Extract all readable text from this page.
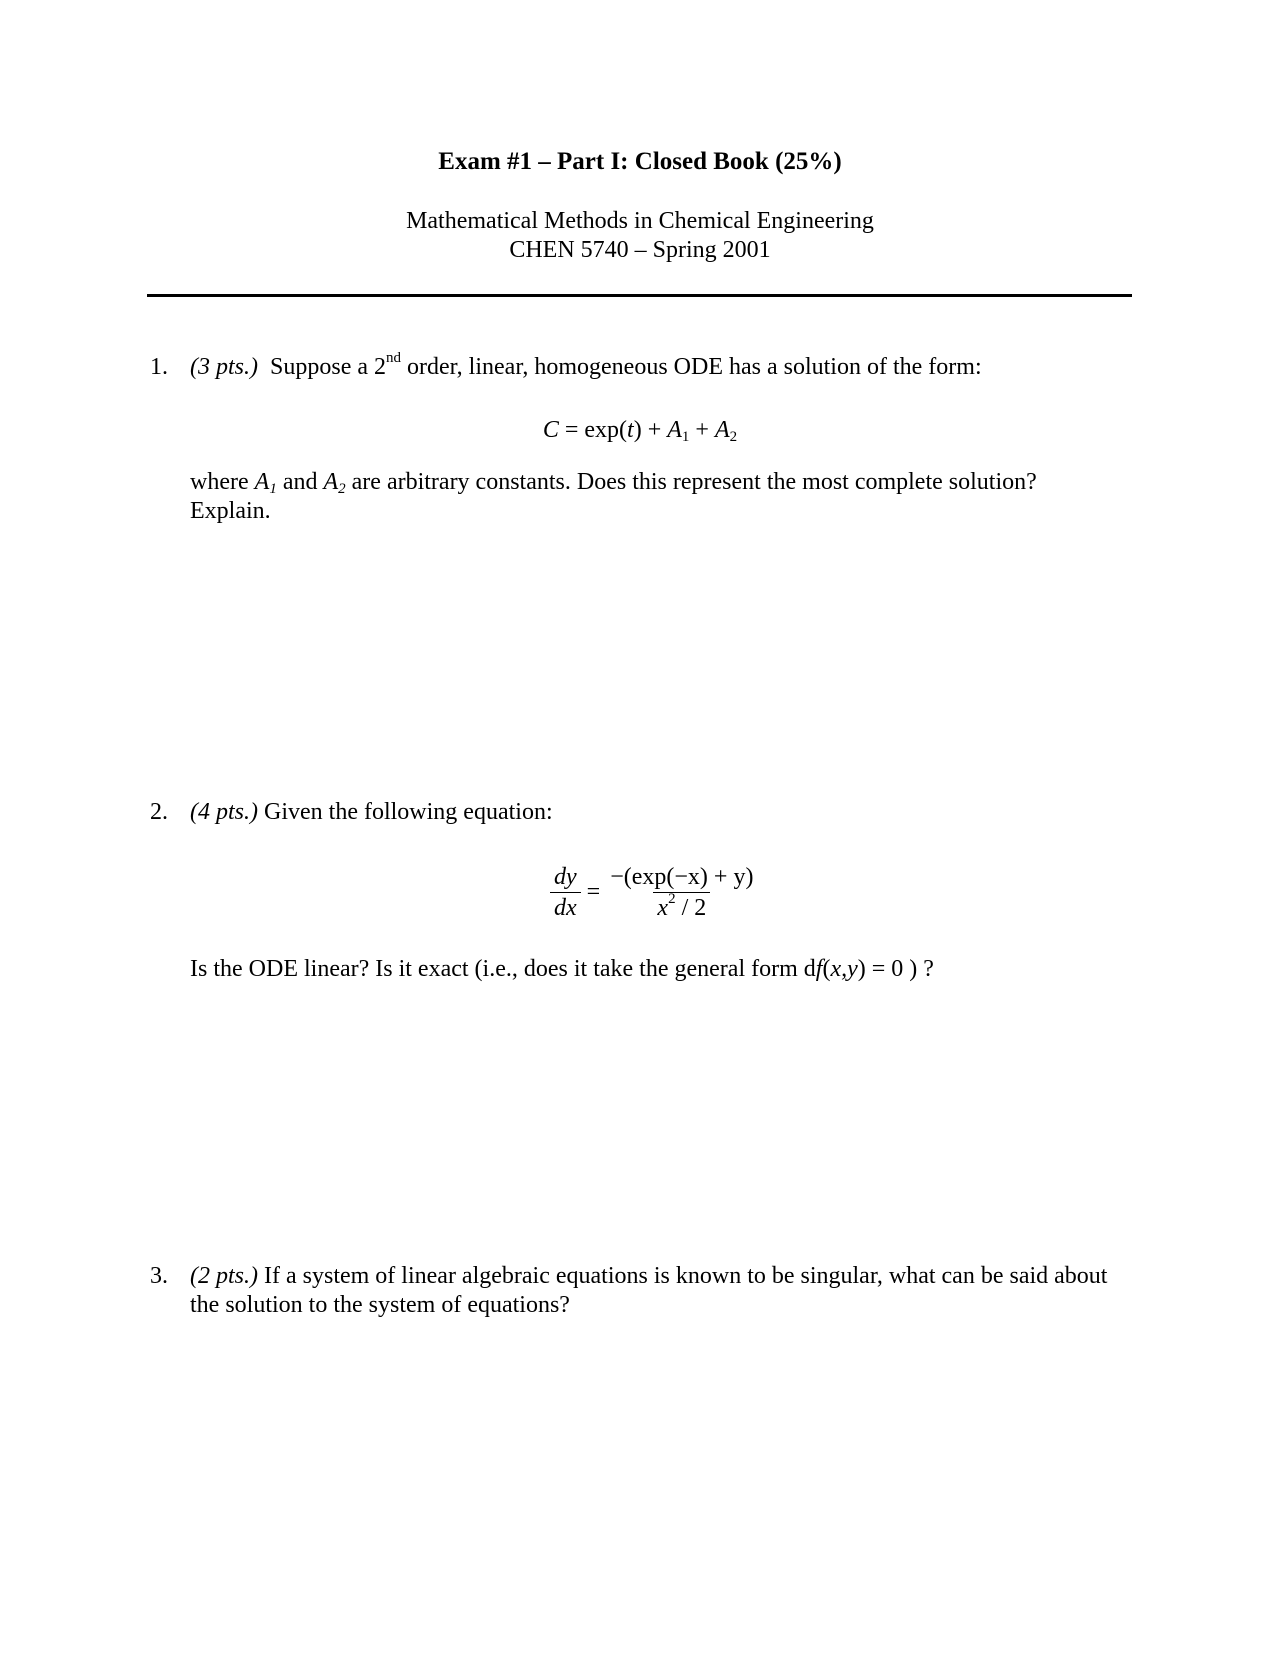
Exam #1 – Part I: Closed Book (25%)
Mathematical Methods in Chemical Engineering
CHEN 5740 – Spring 2001
1. (3 pts.) Suppose a 2nd order, linear, homogeneous ODE has a solution of the form:
$C = \exp(t) + A_1 + A_2$
where $A_1$ and $A_2$ are arbitrary constants. Does this represent the most complete solution? Explain.
2. (4 pts.) Given the following equation:
$\frac{dy}{dx} = \frac{-(\exp(-x) + y)}{x^2 / 2}$
Is the ODE linear? Is it exact (i.e., does it take the general form df(x,y) = 0 ) ?
3. (2 pts.) If a system of linear algebraic equations is known to be singular, what can be said about the solution to the system of equations?
